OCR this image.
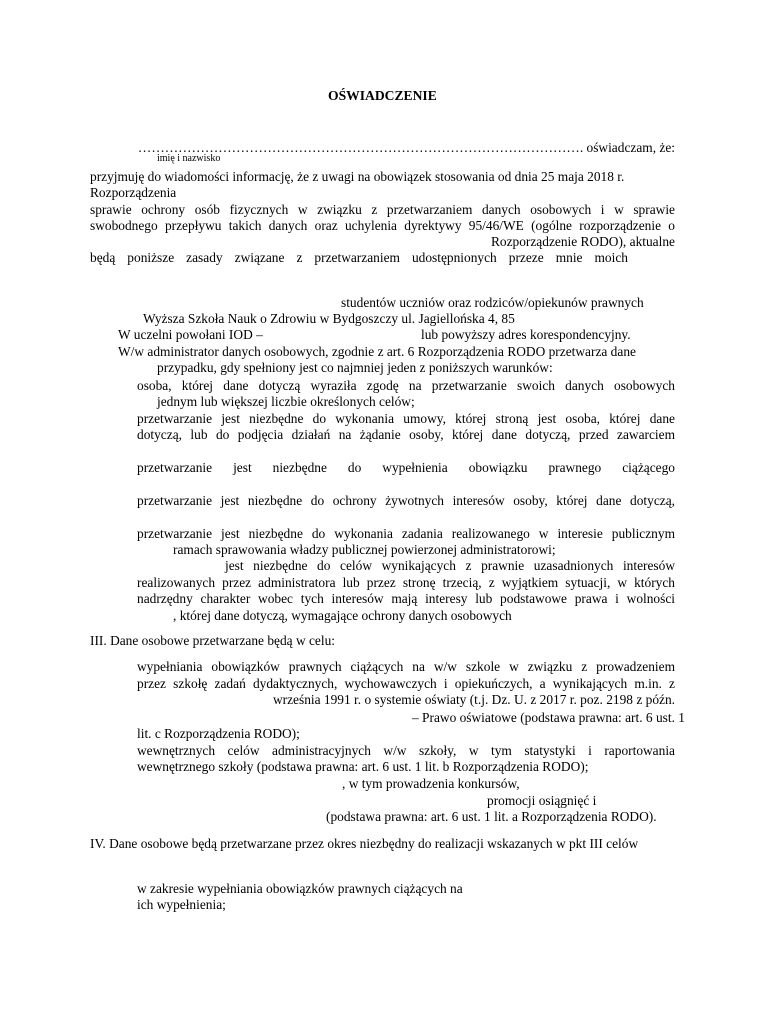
OŚWIADCZENIE
………………………………………………………………………………………. oświadczam, że:
imię i nazwisko
przyjmuję do wiadomości informację, że z uwagi na obowiązek stosowania od dnia 25 maja 2018 r.
Rozporządzenia
sprawie ochrony osób fizycznych w związku z przetwarzaniem danych osobowych i w sprawie
swobodnego przepływu takich danych oraz uchylenia dyrektywy 95/46/WE (ogólne rozporządzenie o
Rozporządzenie RODO), aktualne
będą poniższe zasady związane z przetwarzaniem udostępnionych przeze mnie moich
studentów uczniów oraz rodziców/opiekunów prawnych
Wyższa Szkoła Nauk o Zdrowiu w Bydgoszczy ul. Jagiellońska 4, 85
W uczelni powołani IOD –	lub powyższy adres korespondencyjny.
W/w administrator danych osobowych, zgodnie z art. 6 Rozporządzenia RODO przetwarza dane
przypadku, gdy spełniony jest co najmniej jeden z poniższych warunków:
osoba, której dane dotyczą wyraziła zgodę na przetwarzanie swoich danych osobowych
jednym lub większej liczbie określonych celów;
przetwarzanie jest niezbędne do wykonania umowy, której stroną jest osoba, której dane
dotyczą, lub do podjęcia działań na żądanie osoby, której dane dotyczą, przed zawarciem
przetwarzanie jest niezbędne do wypełnienia obowiązku prawnego ciążącego
przetwarzanie jest niezbędne do ochrony żywotnych interesów osoby, której dane dotyczą,
przetwarzanie jest niezbędne do wykonania zadania realizowanego w interesie publicznym
ramach sprawowania władzy publicznej powierzonej administratorowi;
jest niezbędne do celów wynikających z prawnie uzasadnionych interesów
realizowanych przez administratora lub przez stronę trzecią, z wyjątkiem sytuacji, w których
nadrzędny charakter wobec tych interesów mają interesy lub podstawowe prawa i wolności
, której dane dotyczą, wymagające ochrony danych osobowych
III. Dane osobowe przetwarzane będą w celu:
wypełniania obowiązków prawnych ciążących na w/w szkole w związku z prowadzeniem
przez szkołę zadań dydaktycznych, wychowawczych i opiekuńczych, a wynikających m.in. z
września 1991 r. o systemie oświaty (t.j. Dz. U. z 2017 r. poz. 2198 z późn.
– Prawo oświatowe (podstawa prawna: art. 6 ust. 1
lit. c Rozporządzenia RODO);
wewnętrznych celów administracyjnych w/w szkoły, w tym statystyki i raportowania
wewnętrznego szkoły (podstawa prawna: art. 6 ust. 1 lit. b Rozporządzenia RODO);
, w tym prowadzenia konkursów,
promocji osiągnięć i
(podstawa prawna: art. 6 ust. 1 lit. a Rozporządzenia RODO).
IV. Dane osobowe będą przetwarzane przez okres niezbędny do realizacji wskazanych w pkt III celów
w zakresie wypełniania obowiązków prawnych ciążących na
ich wypełnienia;
